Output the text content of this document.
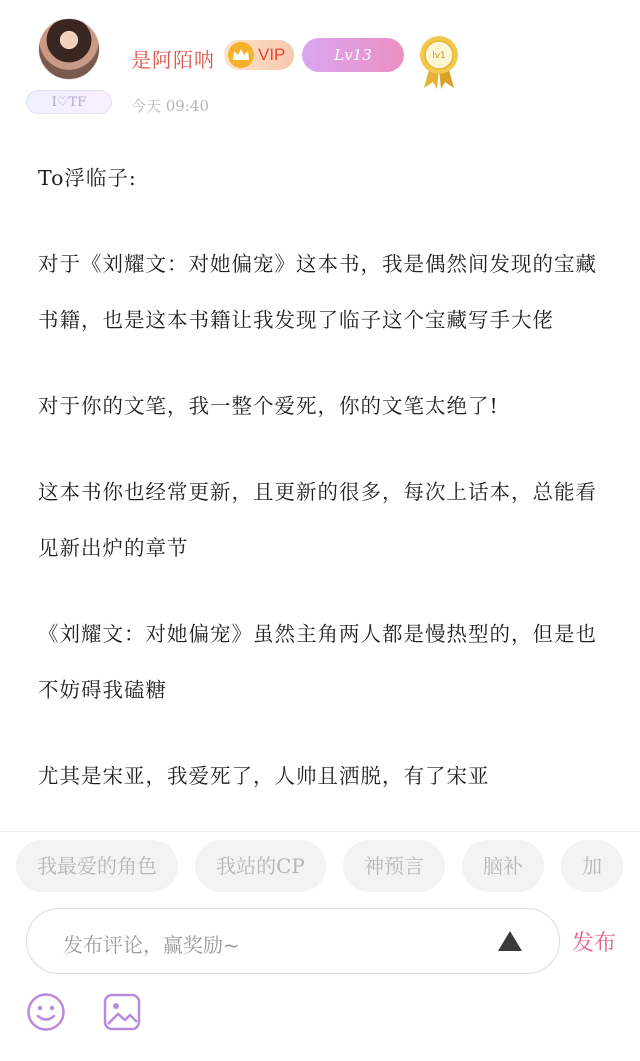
是阿陌呐	VIP	Lv13	lv1
I♡TF	今天 09:40

To浮临子:

对于《刘耀文：对她偏宠》这本书，我是偶然间发现的宝藏书籍，也是这本书籍让我发现了临子这个宝藏写手大佬

对于你的文笔，我一整个爱死，你的文笔太绝了!

这本书你也经常更新，且更新的很多，每次上话本，总能看见新出炉的章节

《刘耀文：对她偏宠》虽然主角两人都是慢热型的，但是也不妨碍我磕糖

尤其是宋亚，我爱死了，人帅且洒脱，有了宋亚

我最爱的角色	我站的CP	神预言	脑补	加
发布评论，赢奖励~	发布
